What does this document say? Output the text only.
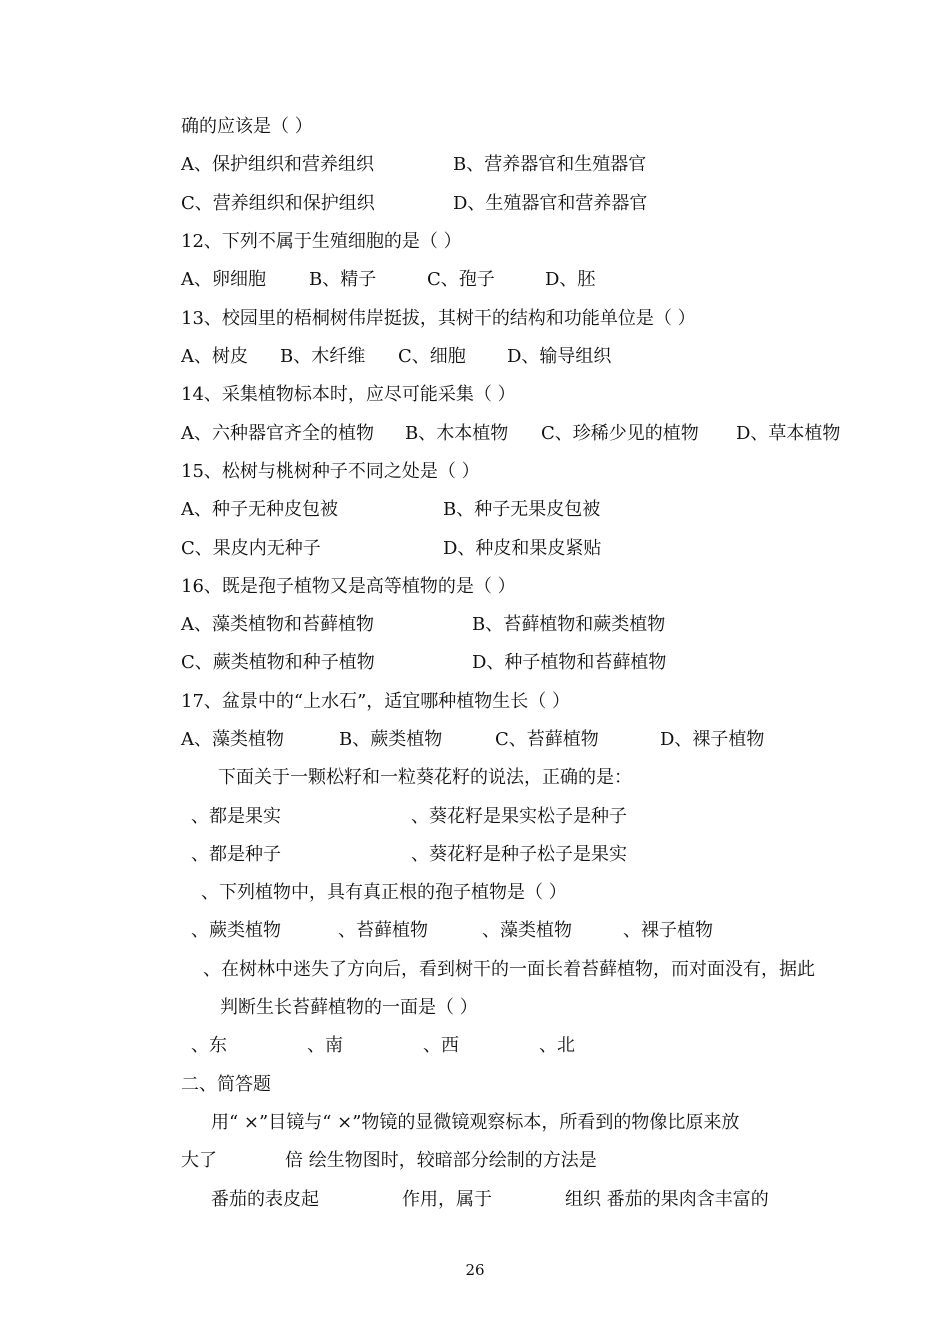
确的应该是（ ）
A、保护组织和营养组织	B、营养器官和生殖器官
C、营养组织和保护组织	D、生殖器官和营养器官
12、下列不属于生殖细胞的是（ ）
A、卵细胞 B、精子	C、孢子	D、胚
13、校园里的梧桐树伟岸挺拔，其树干的结构和功能单位是（ ）
A、树皮 B、木纤维 C、细胞 D、输导组织
14、采集植物标本时，应尽可能采集（ ）
A、六种器官齐全的植物 B、木本植物 C、珍稀少见的植物 D、草本植物
15、松树与桃树种子不同之处是（ ）
A、种子无种皮包被	B、种子无果皮包被
C、果皮内无种子	D、种皮和果皮紧贴
16、既是孢子植物又是高等植物的是（ ）
A、藻类植物和苔藓植物	B、苔藓植物和蕨类植物
C、蕨类植物和种子植物	D、种子植物和苔藓植物
17、盆景中的“上水石”，适宜哪种植物生长（ ）
A、藻类植物	B、蕨类植物	C、苔藓植物	D、裸子植物
下面关于一颗松籽和一粒葵花籽的说法，正确的是：
、都是果实	、葵花籽是果实松子是种子
、都是种子	、葵花籽是种子松子是果实
、下列植物中，具有真正根的孢子植物是（ ）
、蕨类植物	、苔藓植物	、藻类植物	、裸子植物
、在树林中迷失了方向后，看到树干的一面长着苔藓植物，而对面没有，据此
判断生长苔藓植物的一面是（ ）
、东	、南	、西	、北
二、简答题
用“ ×”目镜与“ ×”物镜的显微镜观察标本，所看到的物像比原来放
大了	倍 绘生物图时，较暗部分绘制的方法是
番茄的表皮起	作用，属于	组织 番茄的果肉含丰富的
26
